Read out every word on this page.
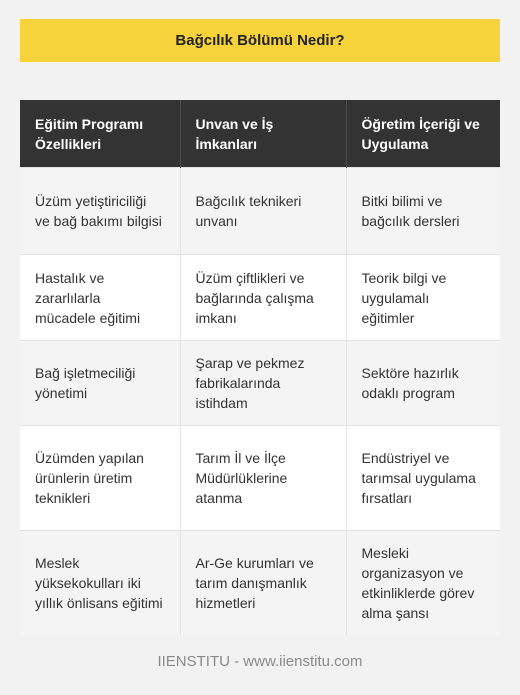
Bağcılık Bölümü Nedir?
Eğitim Programı Özellikleri	Unvan ve İş İmkanları	Öğretim İçeriği ve Uygulama
Üzüm yetiştiriciliği ve bağ bakımı bilgisi	Bağcılık teknikeri unvanı	Bitki bilimi ve bağcılık dersleri
Hastalık ve zararlılarla mücadele eğitimi	Üzüm çiftlikleri ve bağlarında çalışma imkanı	Teorik bilgi ve uygulamalı eğitimler
Bağ işletmeciliği yönetimi	Şarap ve pekmez fabrikalarında istihdam	Sektöre hazırlık odaklı program
Üzümden yapılan ürünlerin üretim teknikleri	Tarım İl ve İlçe Müdürlüklerine atanma	Endüstriyel ve tarımsal uygulama fırsatları
Meslek yüksekokulları iki yıllık önlisans eğitimi	Ar-Ge kurumları ve tarım danışmanlık hizmetleri	Mesleki organizasyon ve etkinliklerde görev alma şansı
IIENSTITU - www.iienstitu.com
